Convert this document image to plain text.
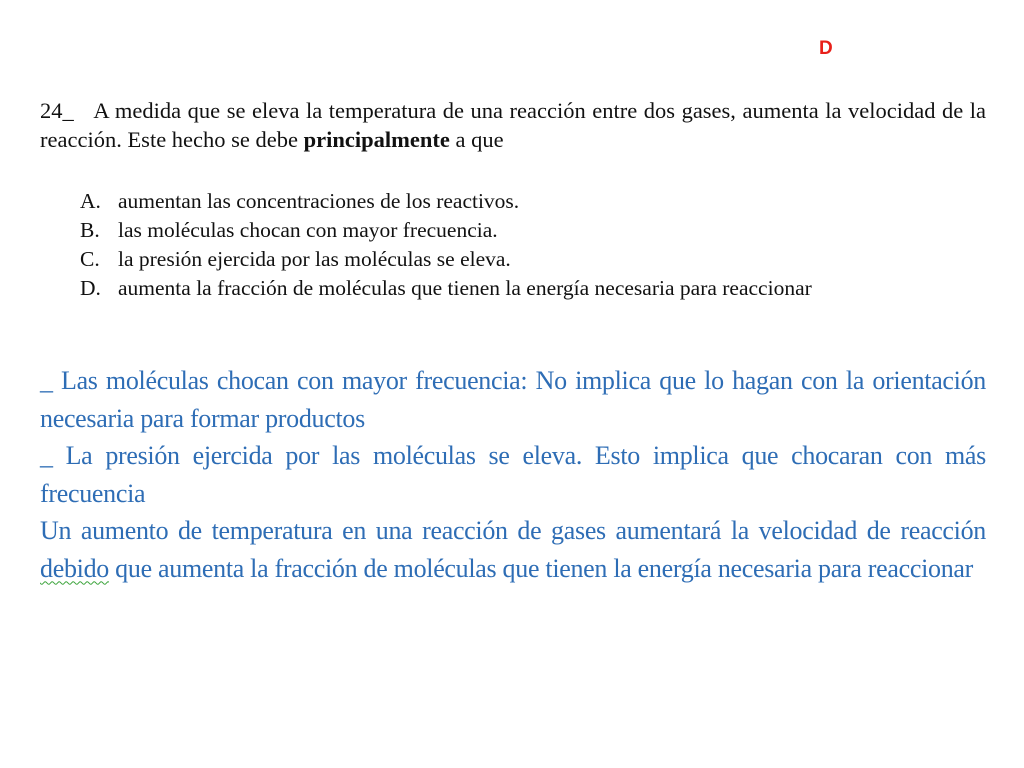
D
24_ A medida que se eleva la temperatura de una reacción entre dos gases, aumenta la velocidad de la reacción. Este hecho se debe principalmente a que
A. aumentan las concentraciones de los reactivos.
B. las moléculas chocan con mayor frecuencia.
C. la presión ejercida por las moléculas se eleva.
D. aumenta la fracción de moléculas que tienen la energía necesaria para reaccionar

_ Las moléculas chocan con mayor frecuencia: No implica que lo hagan con la orientación necesaria para formar productos

_ La presión ejercida por las moléculas se eleva. Esto implica que chocaran con más frecuencia

Un aumento de temperatura en una reacción de gases aumentará la velocidad de reacción debido que aumenta la fracción de moléculas que tienen la energía necesaria para reaccionar
